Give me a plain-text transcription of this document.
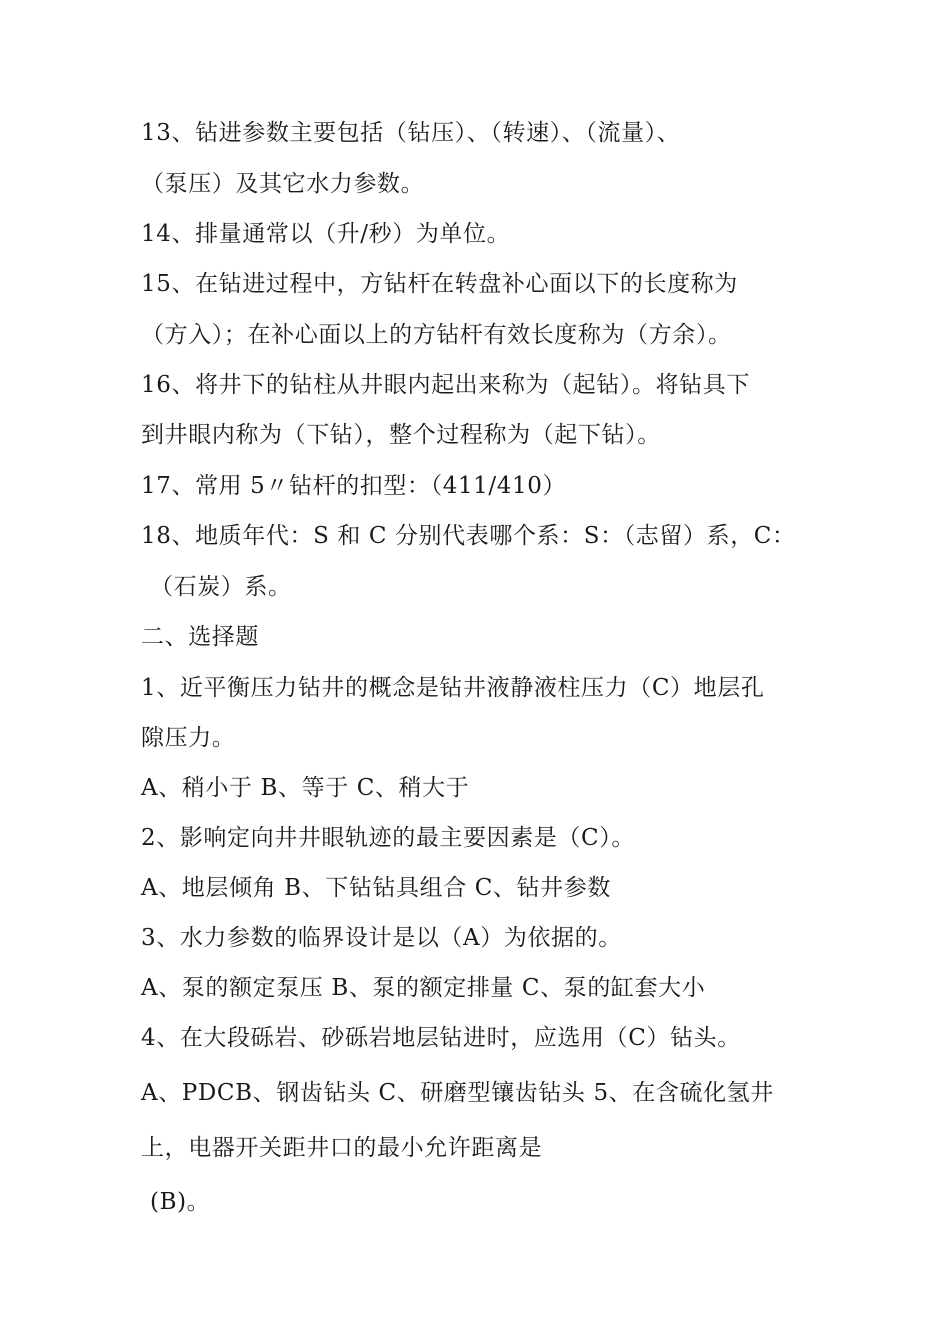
13、钻进参数主要包括（钻压）、（转速）、（流量）、
（泵压）及其它水力参数。
14、排量通常以（升/秒）为单位。
15、在钻进过程中，方钻杆在转盘补心面以下的长度称为
（方入）；在补心面以上的方钻杆有效长度称为（方余）。
16、将井下的钻柱从井眼内起出来称为（起钻）。将钻具下
到井眼内称为（下钻），整个过程称为（起下钻）。
17、常用 5〃钻杆的扣型：（411/410）
18、地质年代：S 和 C 分别代表哪个系：S：（志留）系，C：
（石炭）系。
二、选择题
1、近平衡压力钻井的概念是钻井液静液柱压力（C）地层孔
隙压力。
A、稍小于 B、等于 C、稍大于
2、影响定向井井眼轨迹的最主要因素是（C）。
A、地层倾角 B、下钻钻具组合 C、钻井参数
3、水力参数的临界设计是以（A）为依据的。
A、泵的额定泵压 B、泵的额定排量 C、泵的缸套大小
4、在大段砾岩、砂砾岩地层钻进时，应选用（C）钻头。
A、PDCB、钢齿钻头 C、研磨型镶齿钻头 5、在含硫化氢井
上，电器开关距井口的最小允许距离是
(B)。
